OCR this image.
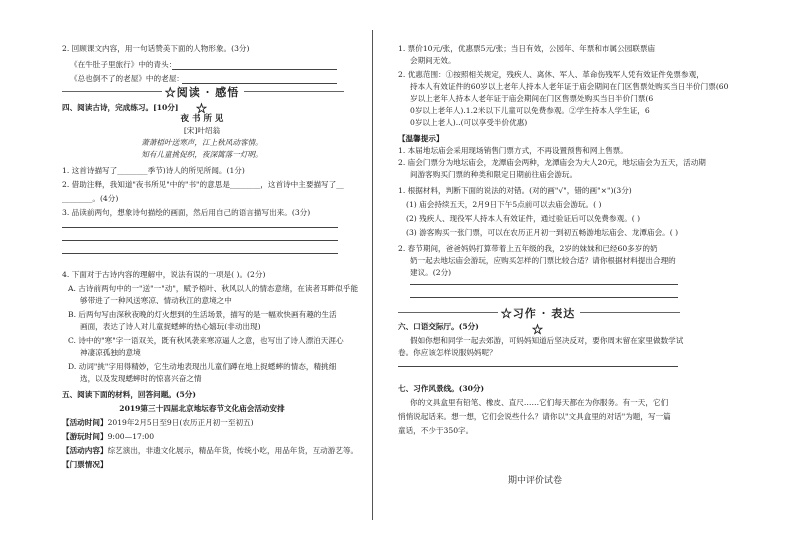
2. 回顾课文内容，用一句话赞美下面的人物形象。(3分)
《在牛肚子里旅行》中的青头：
《总也倒不了的老屋》中的老屋：
☆阅读 · 感悟☆
四、阅读古诗，完成练习。[10分]
夜 书 所 见
[宋]叶绍翁
萧萧梧叶送寒声，江上秋风动客情。
知有儿童挑促织，夜深篱落一灯明。
1. 这首诗描写了________季节)诗人的所见所闻。(1分)
2. 借助注释，我知道"夜书所见"中的"书"的意思是________，这首诗中主要描写了__
________。(4分)
3. 品读前两句，想象诗句描绘的画面，然后用自己的语言描写出来。(3分)
4. 下面对于古诗内容的理解中，说法有误的一项是( )。(2分)
A. 古诗前两句中的一"送"一"动"，赋予梧叶、秋风以人的情态意绪，在读者耳畔似乎能
够带进了一种风送寒凉、情动秋江的意境之中
B. 后两句写由深秋夜晚的灯火想到的生活场景，描写的是一幅欢快画有趣的生活
画面，表达了诗人对儿童捉蟋蟀的热心嬉玩(非动出现)
C. 诗中的"寒"字一语双关，既有秋风袭来寒凉逼人之意，也写出了诗人漂泊天涯心
神凄凉孤独的意境
D. 动词"挑"字用得精妙，它生动地表现出儿童们蹲在地上捉蟋蟀的情态，精挑细
选，以及发现蟋蟀时的惊喜兴奋之情
五、阅读下面的材料，回答问题。(5分)
2019第三十四届北京地坛春节文化庙会活动安排
【活动时间】2019年2月5日至9日(农历正月初一至初五)
【游玩时间】9:00—17:00
【活动内容】综艺演出，非遗文化展示，精品年货，传统小吃，用品年货，互动游艺等。
【门票情况】
1. 票价10元/张，优惠票5元/张；当日有效，公园年、年票和市属公园联票庙
会期间无效。
2. 优惠范围：①按照相关规定，残疾人、离休、军人、革命伤残军人凭有效证件免票参观，
持本人有效证件的60岁以上老年人持本人老年证于庙会期间在门区售票处购买当日半价门票(60
岁以上老年人持本人老年证于庙会期间在门区售票处购买当日半价门票(6
0岁以上老年人).1.2米以下儿童可以免费参观。②学生持本人学生证，6
0岁以上老人)..(可以享受半价优惠)
【温馨提示】
1. 本届地坛庙会采用现场销售门票方式，不再设置预售和网上售票。
2. 庙会门票分为地坛庙会，龙潭庙会两种，龙潭庙会为大人20元，地坛庙会为五天，活动期
间游客购买门票的种类和限定日期前往庙会游玩。
1. 根据材料，判断下面的说法的对错。(对的画"√"，错的画"×")(3分)
(1) 庙会持续五天，2月9日下午5点前可以去庙会游玩。( )
(2) 残疾人、现役军人持本人有效证件，通过验证后可以免费参观。( )
(3) 游客购买一张门票，可以在农历正月初一到初五畅游地坛庙会、龙潭庙会。( )
2. 春节期间，爸爸妈妈打算带着上五年级的我，2岁的妹妹和已经60多岁的奶
奶一起去地坛庙会游玩，应购买怎样的门票比较合适？请你根据材料提出合理的
建议。(2分)
☆习作 · 表达☆
六、口语交际厅。(5分)
假如你想和同学一起去郊游，可妈妈知道后坚决反对，要你周末留在家里做数学试
卷。你应该怎样说服妈妈呢？
七、习作风景线。(30分)
你的文具盒里有铅笔、橡皮、直尺……它们每天都在为你服务。有一天，它们
悄悄说起话来。想一想，它们会说些什么？请你以"文具盒里的对话"为题，写一篇
童话，不少于350字。
期中评价试卷
